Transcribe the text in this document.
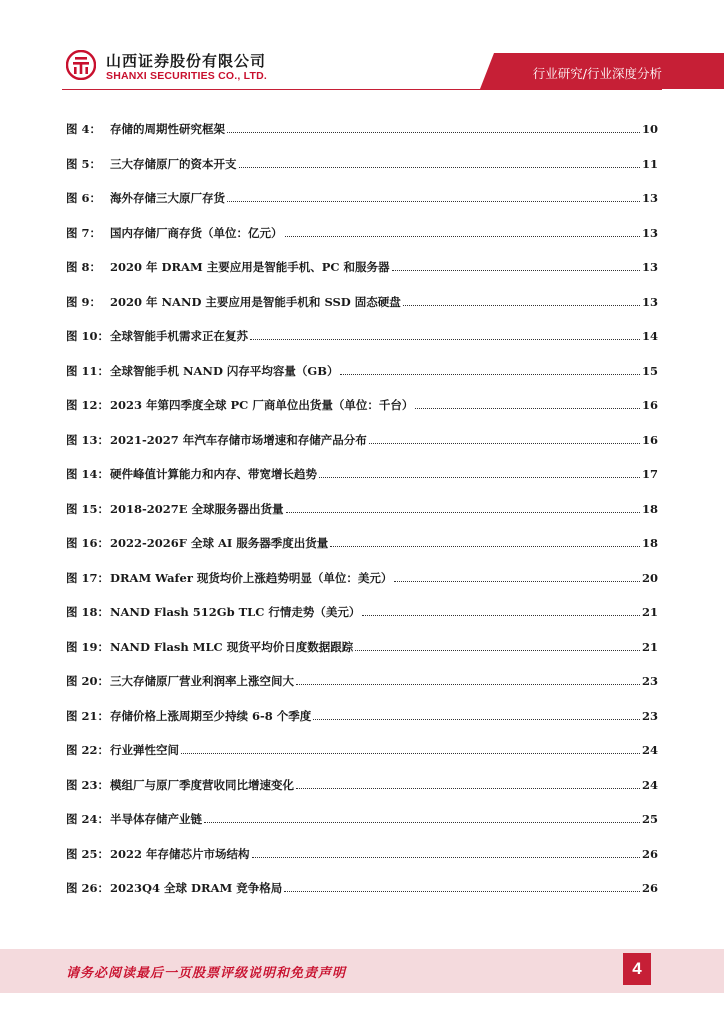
山西证券股份有限公司
SHANXI SECURITIES CO., LTD.	行业研究/行业深度分析
图 4： 存储的周期性研究框架	10
图 5： 三大存储原厂的资本开支	11
图 6： 海外存储三大原厂存货	13
图 7： 国内存储厂商存货（单位：亿元）	13
图 8： 2020 年 DRAM 主要应用是智能手机、PC 和服务器	13
图 9： 2020 年 NAND 主要应用是智能手机和 SSD 固态硬盘	13
图 10： 全球智能手机需求正在复苏	14
图 11： 全球智能手机 NAND 闪存平均容量（GB）	15
图 12： 2023 年第四季度全球 PC 厂商单位出货量（单位：千台）	16
图 13： 2021-2027 年汽车存储市场增速和存储产品分布	16
图 14： 硬件峰值计算能力和内存、带宽增长趋势	17
图 15： 2018-2027E 全球服务器出货量	18
图 16： 2022-2026F 全球 AI 服务器季度出货量	18
图 17： DRAM Wafer 现货均价上涨趋势明显（单位：美元）	20
图 18： NAND Flash 512Gb TLC 行情走势（美元）	21
图 19： NAND Flash MLC 现货平均价日度数据跟踪	21
图 20： 三大存储原厂营业利润率上涨空间大	23
图 21： 存储价格上涨周期至少持续 6-8 个季度	23
图 22： 行业弹性空间	24
图 23： 模组厂与原厂季度营收同比增速变化	24
图 24： 半导体存储产业链	25
图 25： 2022 年存储芯片市场结构	26
图 26： 2023Q4 全球 DRAM 竞争格局	26
请务必阅读最后一页股票评级说明和免责声明	4
